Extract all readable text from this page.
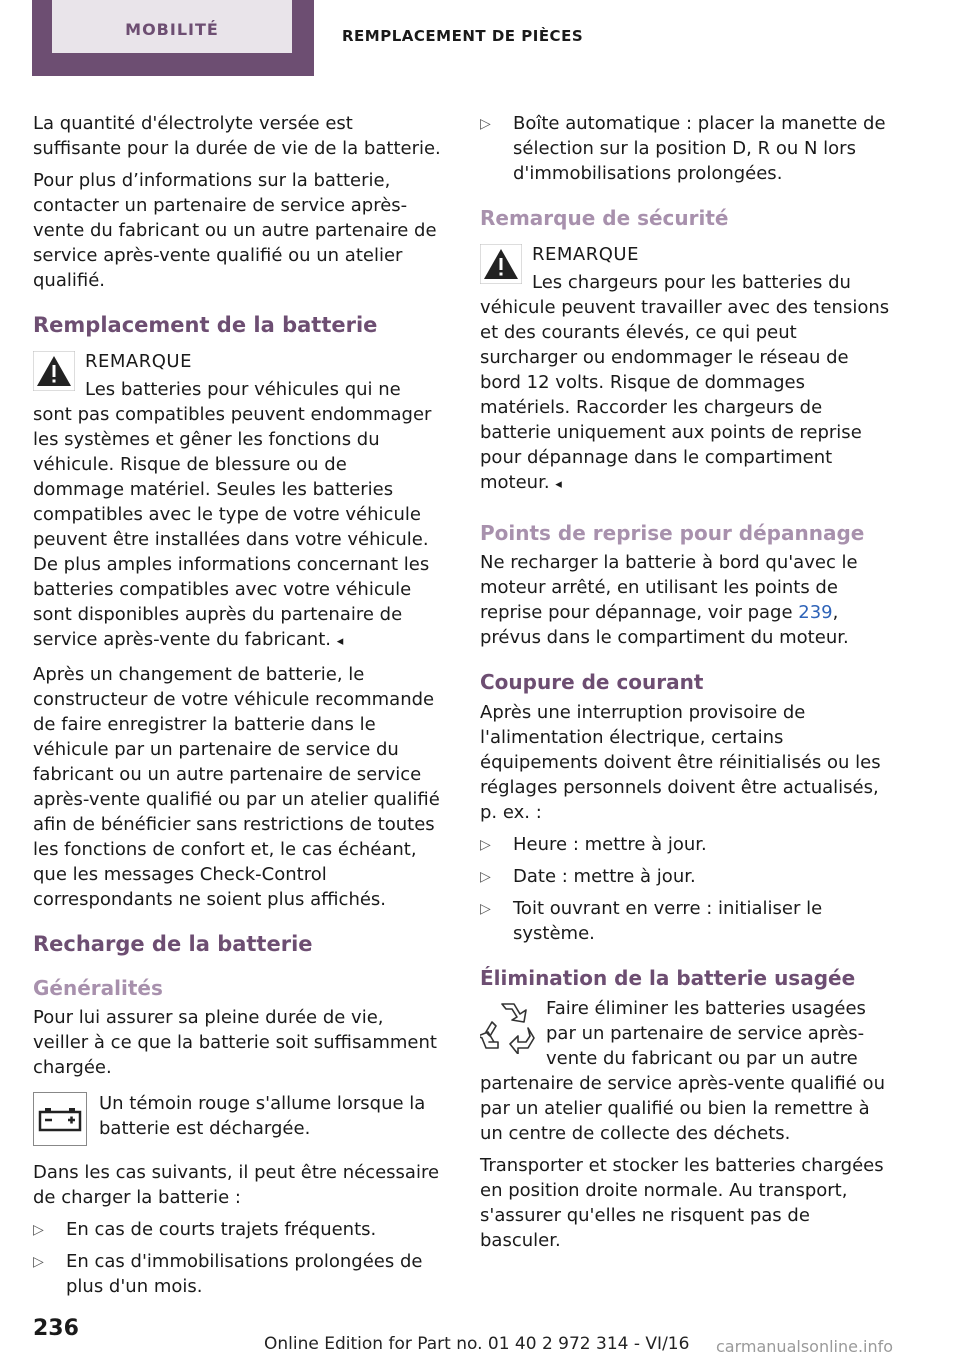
MOBILITÉ	REMPLACEMENT DE PIÈCES

La quantité d'électrolyte versée est suffisante pour la durée de vie de la batterie.

Pour plus d’informations sur la batterie, contacter un partenaire de service après-vente du fabricant ou un autre partenaire de service après-vente qualifié ou un atelier qualifié.

Remplacement de la batterie
REMARQUE
Les batteries pour véhicules qui ne sont pas compatibles peuvent endommager les systèmes et gêner les fonctions du véhicule. Risque de blessure ou de dommage matériel. Seules les batteries compatibles avec le type de votre véhicule peuvent être installées dans votre véhicule. De plus amples informations concernant les batteries compatibles avec votre véhicule sont disponibles auprès du partenaire de service après-vente du fabricant. ◂

Après un changement de batterie, le constructeur de votre véhicule recommande de faire enregistrer la batterie dans le véhicule par un partenaire de service du fabricant ou un autre partenaire de service après-vente qualifié ou par un atelier qualifié afin de bénéficier sans restrictions de toutes les fonctions de confort et, le cas échéant, que les messages Check-Control correspondants ne soient plus affichés.

Recharge de la batterie
Généralités

Pour lui assurer sa pleine durée de vie, veiller à ce que la batterie soit suffisamment chargée.

Un témoin rouge s'allume lorsque la batterie est déchargée.

Dans les cas suivants, il peut être nécessaire de charger la batterie :

▷ En cas de courts trajets fréquents.
▷ En cas d'immobilisations prolongées de plus d'un mois.
▷ Boîte automatique : placer la manette de sélection sur la position D, R ou N lors d'immobilisations prolongées.
Remarque de sécurité
REMARQUE
Les chargeurs pour les batteries du véhicule peuvent travailler avec des tensions et des courants élevés, ce qui peut surcharger ou endommager le réseau de bord 12 volts. Risque de dommages matériels. Raccorder les chargeurs de batterie uniquement aux points de reprise pour dépannage dans le compartiment moteur. ◂
Points de reprise pour dépannage

Ne recharger la batterie à bord qu'avec le moteur arrêté, en utilisant les points de reprise pour dépannage, voir page 239, prévus dans le compartiment du moteur.

Coupure de courant

Après une interruption provisoire de l'alimentation électrique, certains équipements doivent être réinitialisés ou les réglages personnels doivent être actualisés, p. ex. :

▷ Heure : mettre à jour.
▷ Date : mettre à jour.
▷ Toit ouvrant en verre : initialiser le système.
Élimination de la batterie usagée

Faire éliminer les batteries usagées par un partenaire de service après-vente du fabricant ou par un autre partenaire de service après-vente qualifié ou par un atelier qualifié ou bien la remettre à un centre de collecte des déchets.

Transporter et stocker les batteries chargées en position droite normale. Au transport, s'assurer qu'elles ne risquent pas de basculer.

236
Online Edition for Part no. 01 40 2 972 314 - VI/16 carmanualsonline.info
